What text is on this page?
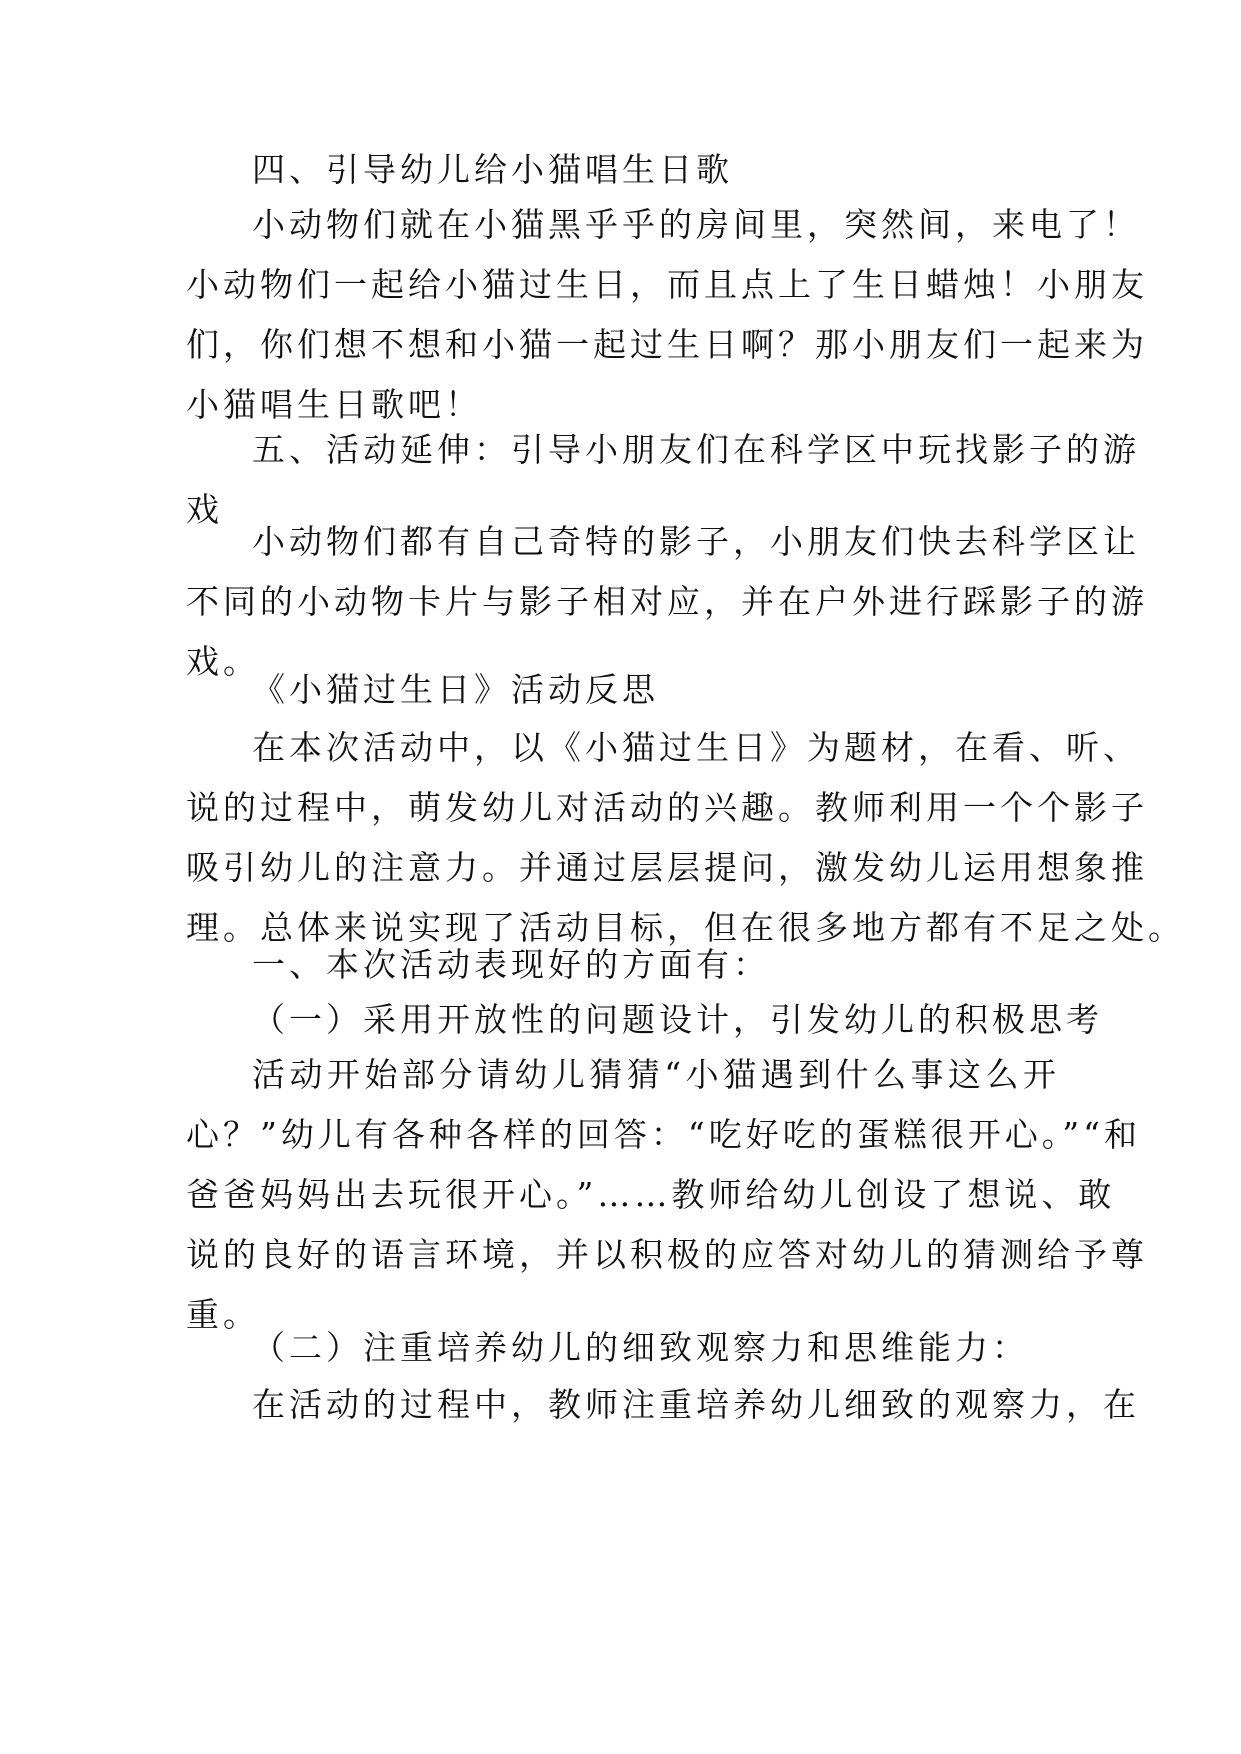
四、引导幼儿给小猫唱生日歌
小动物们就在小猫黑乎乎的房间里，突然间，来电了！
小动物们一起给小猫过生日，而且点上了生日蜡烛！小朋友
们，你们想不想和小猫一起过生日啊？那小朋友们一起来为
小猫唱生日歌吧！
五、活动延伸：引导小朋友们在科学区中玩找影子的游
戏
小动物们都有自己奇特的影子，小朋友们快去科学区让
不同的小动物卡片与影子相对应，并在户外进行踩影子的游
戏。
《小猫过生日》活动反思
在本次活动中，以《小猫过生日》为题材，在看、听、
说的过程中，萌发幼儿对活动的兴趣。教师利用一个个影子
吸引幼儿的注意力。并通过层层提问，激发幼儿运用想象推
理。总体来说实现了活动目标，但在很多地方都有不足之处。
一、本次活动表现好的方面有：
（一）采用开放性的问题设计，引发幼儿的积极思考
活动开始部分请幼儿猜猜“小猫遇到什么事这么开
心？”幼儿有各种各样的回答：“吃好吃的蛋糕很开心。”“和
爸爸妈妈出去玩很开心。”……教师给幼儿创设了想说、敢
说的良好的语言环境，并以积极的应答对幼儿的猜测给予尊
重。
（二）注重培养幼儿的细致观察力和思维能力：
在活动的过程中，教师注重培养幼儿细致的观察力，在
